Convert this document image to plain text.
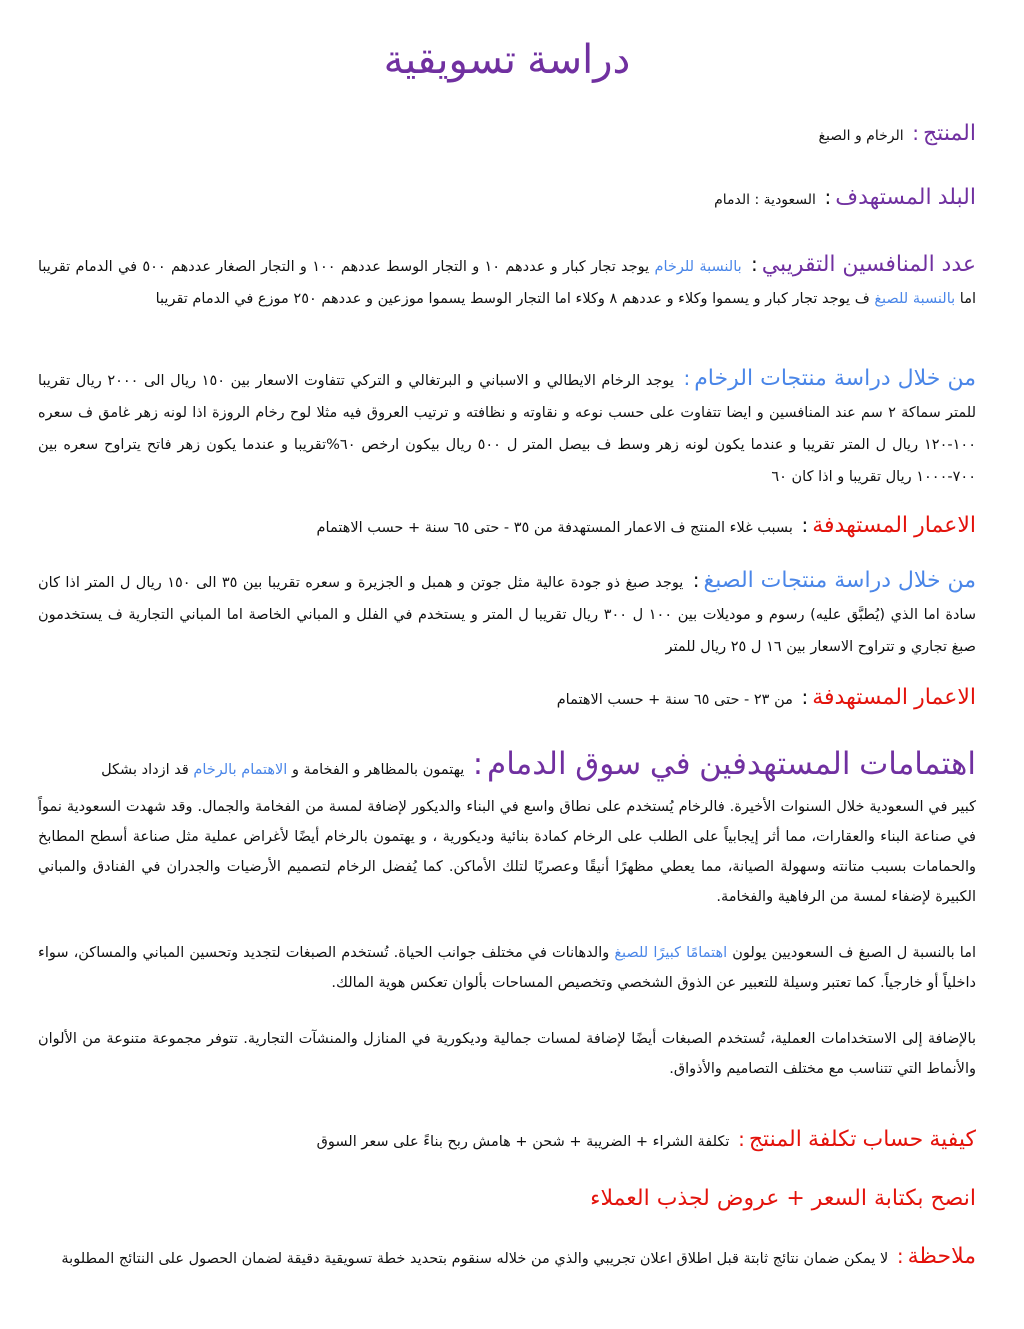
دراسة تسويقية
المنتج: الرخام و الصبغ
البلد المستهدف: السعودية : الدمام
عدد المنافسين التقريبي: بالنسبة للرخام يوجد تجار كبار و عددهم ١٠ و التجار الوسط عددهم ١٠٠ و التجار الصغار عددهم ٥٠٠ في الدمام تقريبا اما بالنسبة للصبغ ف يوجد تجار كبار و يسموا وكلاء و عددهم ٨ وكلاء اما التجار الوسط يسموا موزعين و عددهم ٢٥٠ موزع في الدمام تقريبا
من خلال دراسة منتجات الرخام: يوجد الرخام الايطالي و الاسباني و البرتغالي و التركي تتفاوت الاسعار بين ١٥٠ ريال الى ٢٠٠٠ ريال تقريبا للمتر سماكة ٢ سم عند المنافسين و ايضا تتفاوت على حسب نوعه و نقاوته و نظافته و ترتيب العروق فيه مثلا لوح رخام الروزة اذا لونه زهر غامق ف سعره ١٠٠-١٢٠ ريال ل المتر تقريبا و عندما يكون لونه زهر وسط ف بيصل المتر ل ٥٠٠ ريال بيكون ارخص ٦٠%تقريبا و عندما يكون زهر فاتح يتراوح سعره بين ٧٠٠-١٠٠٠ ريال تقريبا و اذا كان ٦٠
الاعمار المستهدفة: بسبب غلاء المنتج ف الاعمار المستهدفة من ٣٥ - حتى ٦٥ سنة + حسب الاهتمام
من خلال دراسة منتجات الصبغ: يوجد صبغ ذو جودة عالية مثل جوتن و همبل و الجزيرة و سعره تقريبا بين ٣٥ الى ١٥٠ ريال ل المتر اذا كان سادة اما الذي (يُطبَّق عليه) رسوم و موديلات بين ١٠٠ ل ٣٠٠ ريال تقريبا ل المتر و يستخدم في الفلل و المباني الخاصة اما المباني التجارية ف يستخدمون صبغ تجاري و تتراوح الاسعار بين ١٦ ل ٢٥ ريال للمتر
الاعمار المستهدفة: من ٢٣ - حتى ٦٥ سنة + حسب الاهتمام
اهتمامات المستهدفين في سوق الدمام: يهتمون بالمظاهر و الفخامة و الاهتمام بالرخام قد ازداد بشكل
كبير في السعودية خلال السنوات الأخيرة. فالرخام يُستخدم على نطاق واسع في البناء والديكور لإضافة لمسة من الفخامة والجمال. وقد شهدت السعودية نمواً في صناعة البناء والعقارات، مما أثر إيجابياً على الطلب على الرخام كمادة بنائية وديكورية ، و يهتمون بالرخام أيضًا لأغراض عملية مثل صناعة أسطح المطابخ والحمامات بسبب متانته وسهولة الصيانة، مما يعطي مظهرًا أنيقًا وعصريًا لتلك الأماكن. كما يُفضل الرخام لتصميم الأرضيات والجدران في الفنادق والمباني الكبيرة لإضفاء لمسة من الرفاهية والفخامة.
اما بالنسبة ل الصبغ ف السعوديين يولون اهتمامًا كبيرًا للصبغ والدهانات في مختلف جوانب الحياة. تُستخدم الصبغات لتجديد وتحسين المباني والمساكن، سواء داخلياً أو خارجياً. كما تعتبر وسيلة للتعبير عن الذوق الشخصي وتخصيص المساحات بألوان تعكس هوية المالك.
بالإضافة إلى الاستخدامات العملية، تُستخدم الصبغات أيضًا لإضافة لمسات جمالية وديكورية في المنازل والمنشآت التجارية. تتوفر مجموعة متنوعة من الألوان والأنماط التي تتناسب مع مختلف التصاميم والأذواق.
كيفية حساب تكلفة المنتج: تكلفة الشراء + الضريبة + شحن + هامش ربح بناءً على سعر السوق
انصح بكتابة السعر + عروض لجذب العملاء
ملاحظة: لا يمكن ضمان نتائج ثابتة قبل اطلاق اعلان تجريبي والذي من خلاله سنقوم بتحديد خطة تسويقية دقيقة لضمان الحصول على النتائج المطلوبة
